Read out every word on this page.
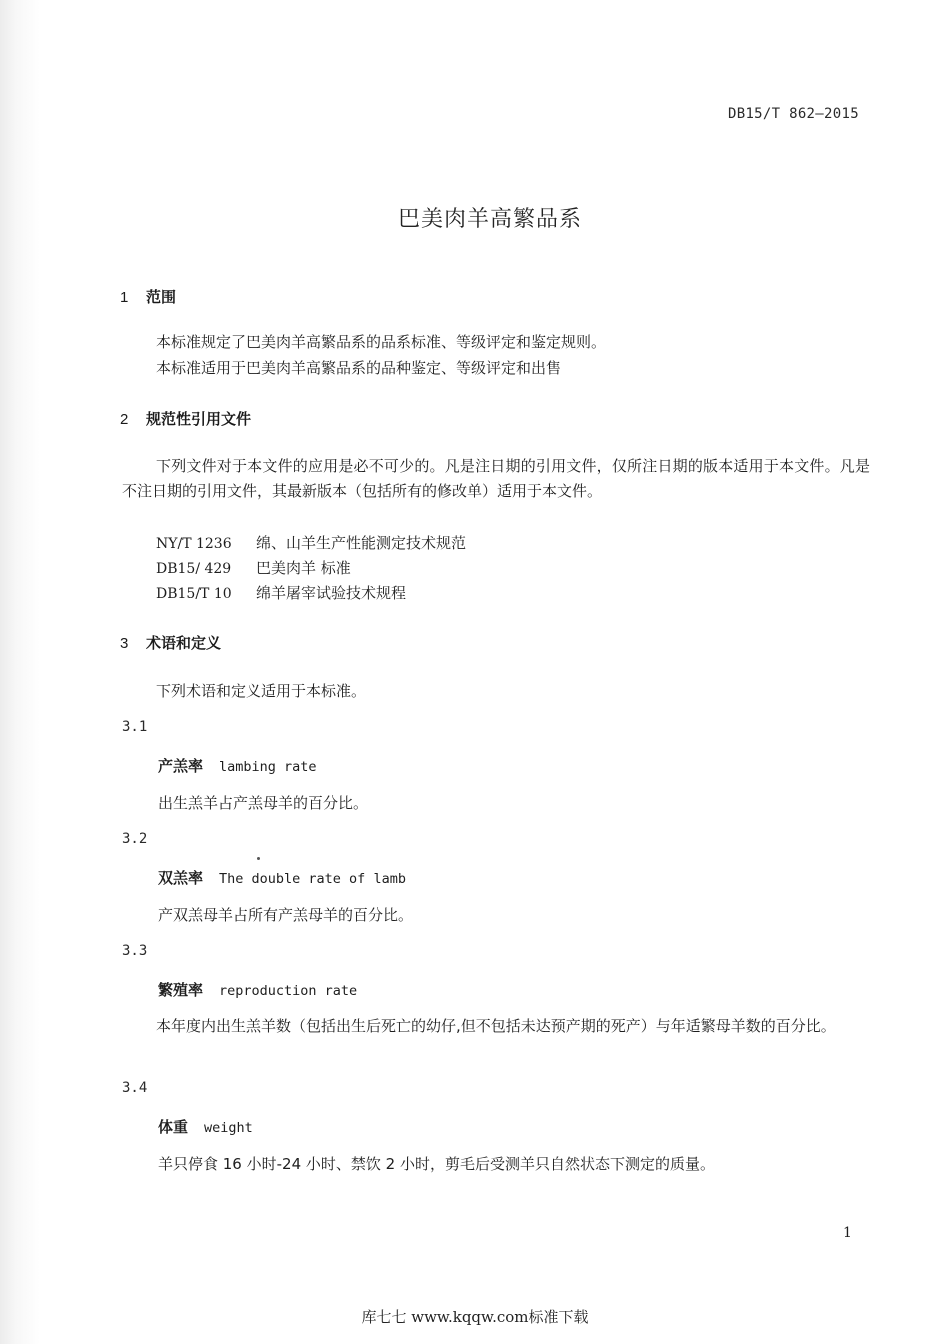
DB15/T 862—2015
巴美肉羊高繁品系
1 范围
本标准规定了巴美肉羊高繁品系的品系标准、等级评定和鉴定规则。
本标准适用于巴美肉羊高繁品系的品种鉴定、等级评定和出售
2 规范性引用文件
下列文件对于本文件的应用是必不可少的。凡是注日期的引用文件，仅所注日期的版本适用于本文件。凡是不注日期的引用文件，其最新版本（包括所有的修改单）适用于本文件。
NY/T 1236 绵、山羊生产性能测定技术规范
DB15/ 429 巴美肉羊 标准
DB15/T 10 绵羊屠宰试验技术规程
3 术语和定义
下列术语和定义适用于本标准。
3.1
产羔率 lambing rate
出生羔羊占产羔母羊的百分比。
3.2
双羔率 The double rate of lamb
产双羔母羊占所有产羔母羊的百分比。
3.3
繁殖率 reproduction rate
本年度内出生羔羊数（包括出生后死亡的幼仔,但不包括未达预产期的死产）与年适繁母羊数的百分比。
3.4
体重 weight
羊只停食 16 小时-24 小时、禁饮 2 小时，剪毛后受测羊只自然状态下测定的质量。
1
库七七 www.kqqw.com标准下载
